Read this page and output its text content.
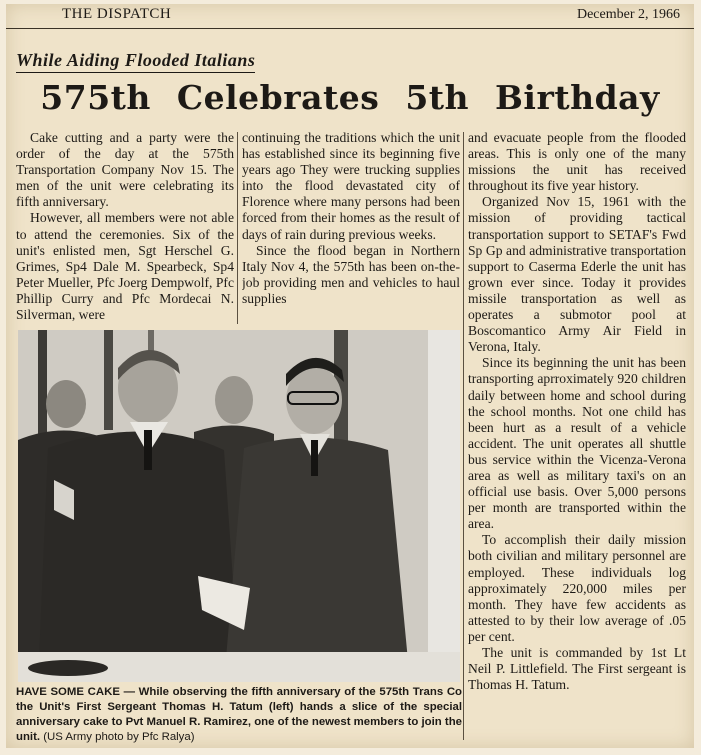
THE DISPATCH	December 2, 1966
While Aiding Flooded Italians
575th Celebrates 5th Birthday

Cake cutting and a party were the order of the day at the 575th Transportation Company Nov 15. The men of the unit were celebrating its fifth anniversary.

However, all members were not able to attend the ceremonies. Six of the unit's enlisted men, Sgt Herschel G. Grimes, Sp4 Dale M. Spearbeck, Sp4 Peter Mueller, Pfc Joerg Dempwolf, Pfc Phillip Curry and Pfc Mordecai N. Silverman, were

continuing the traditions which the unit has established since its beginning five years ago They were trucking supplies into the flood devastated city of Florence where many persons had been forced from their homes as the result of days of rain during previous weeks.

Since the flood began in Northern Italy Nov 4, the 575th has been on-the-job providing men and vehicles to haul supplies

and evacuate people from the flooded areas. This is only one of the many missions the unit has received throughout its five year history.

Organized Nov 15, 1961 with the mission of providing tactical transportation support to SETAF's Fwd Sp Gp and administrative transportation support to Caserma Ederle the unit has grown ever since. Today it provides missile transportation as well as operates a submotor pool at Boscomantico Army Air Field in Verona, Italy.

Since its beginning the unit has been transporting aprroximately 920 children daily between home and school during the school months. Not one child has been hurt as a result of a vehicle accident. The unit operates all shuttle bus service within the Vicenza-Verona area as well as military taxi's on an official use basis. Over 5,000 persons per month are transported within the area.

To accomplish their daily mission both civilian and military personnel are employed. These individuals log approximately 220,000 miles per month. They have few accidents as attested to by their low average of .05 per cent.

The unit is commanded by 1st Lt Neil P. Littlefield. The First sergeant is Thomas H. Tatum.

HAVE SOME CAKE — While observing the fifth anniversary of the 575th Trans Co the Unit's First Sergeant Thomas H. Tatum (left) hands a slice of the special anniversary cake to Pvt Manuel R. Ramirez, one of the newest members to join the unit. (US Army photo by Pfc Ralya)
